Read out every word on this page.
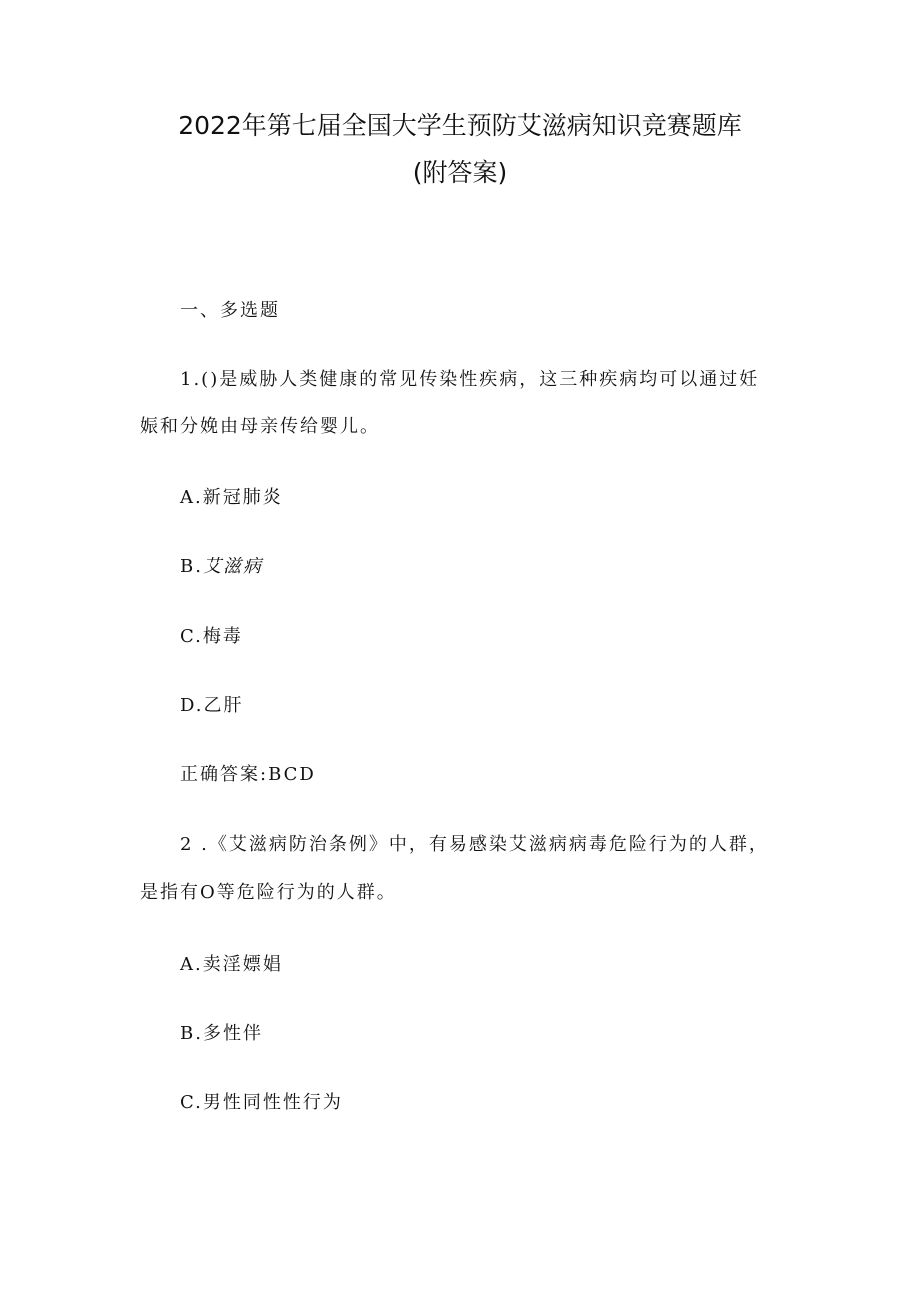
2022年第七届全国大学生预防艾滋病知识竞赛题库
(附答案)
一、多选题
1.()是威胁人类健康的常见传染性疾病，这三种疾病均可以通过妊
娠和分娩由母亲传给婴儿。
A.新冠肺炎
B.艾滋病
C.梅毒
D.乙肝
正确答案:BCD
2 .《艾滋病防治条例》中，有易感染艾滋病病毒危险行为的人群，
是指有O等危险行为的人群。
A.卖淫嫖娼
B.多性伴
C.男性同性性行为
